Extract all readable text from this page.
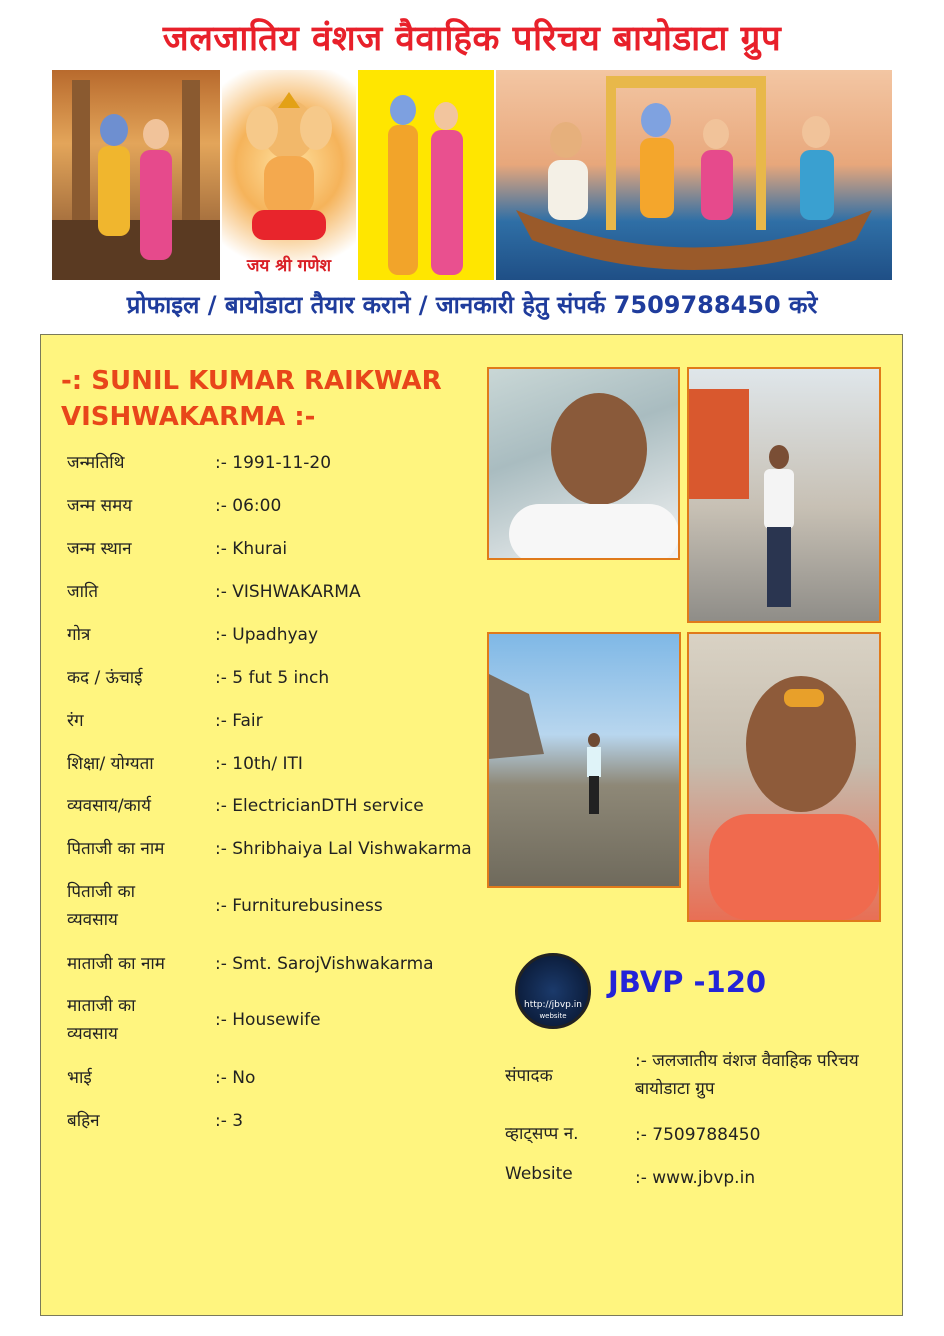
जलजातिय वंशज वैवाहिक परिचय बायोडाटा ग्रुप
जय श्री गणेश
प्रोफाइल / बायोडाटा तैयार कराने / जानकारी हेतु संपर्क 7509788450 करे
-: SUNIL KUMAR RAIKWAR VISHWAKARMA :-
जन्मतिथि	:- 1991-11-20
जन्म समय	:- 06:00
जन्म स्थान	:- Khurai
जाति	:- VISHWAKARMA
गोत्र	:- Upadhyay
कद / ऊंचाई	:- 5 fut 5 inch
रंग	:- Fair
शिक्षा/ योग्यता	:- 10th/ ITI
व्यवसाय/कार्य	:- ElectricianDTH service
पिताजी का नाम	:- Shribhaiya Lal Vishwakarma
पिताजी का व्यवसाय
:- Furniturebusiness
माताजी का नाम	:- Smt. SarojVishwakarma
माताजी का व्यवसाय
:- Housewife
भाई	:- No
बहिन	:- 3
http://jbvp.in
website
JBVP -120
संपादक
:- जलजातीय वंशज वैवाहिक परिचय बायोडाटा ग्रुप
व्हाट्सप्प न.	:- 7509788450
Website	:- www.jbvp.in
